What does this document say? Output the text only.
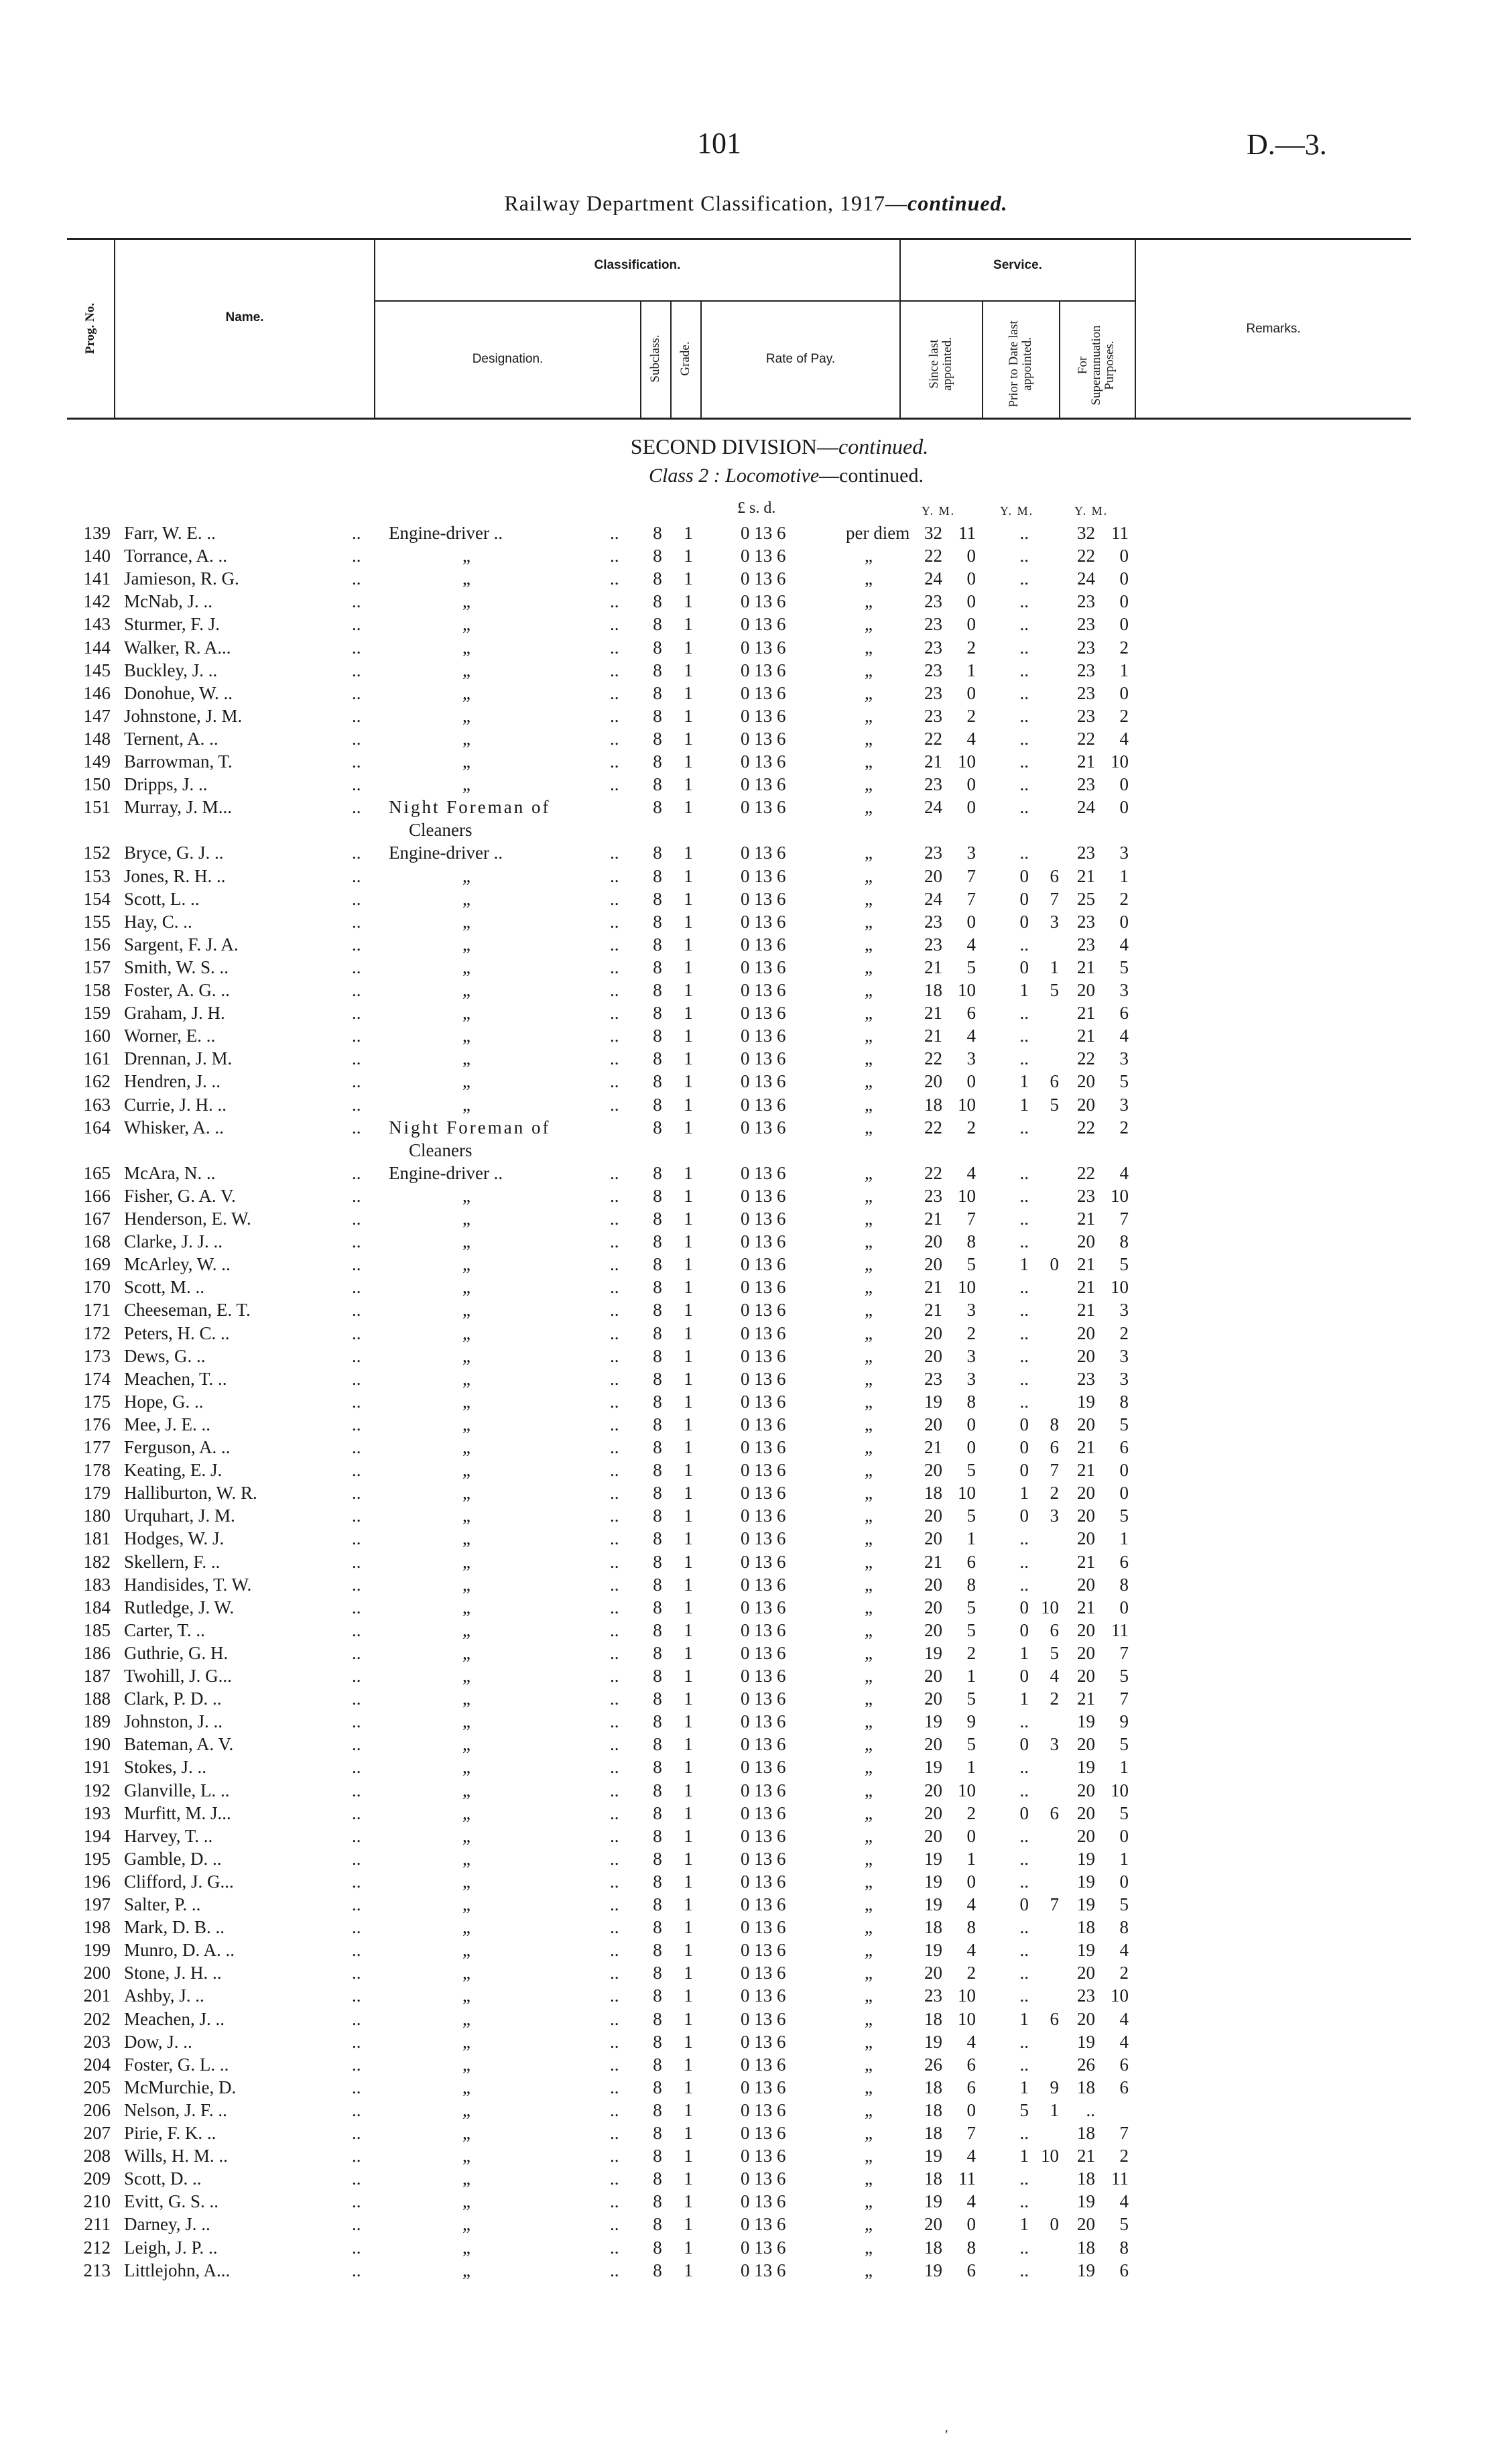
101	D.—3.
Railway Department Classification, 1917—continued.
Prog. No.	Name.
Classification.	Service.
Designation.	Subclass. Grade.	Rate of Pay.	Since last appointed.	Prior to Date last appointed.	For Superannuation Purposes.
Remarks.
SECOND DIVISION—continued.
Class 2 : Locomotive—continued.
£ s. d.	Y. M.	Y. M.	Y. M.
139 Farr, W. E. ..	.. Engine-driver ..	.. 8 1	0 13 6	per diem 32 11	..	32 11
140 Torrance, A. ..	..	„	.. 8 1	0 13 6	„	22	0	..	22	0
141 Jamieson, R. G.	..	„	.. 8 1	0 13 6	„	24	0	..	24	0
142 McNab, J. ..	..	„	.. 8 1	0 13 6	„	23	0	..	23	0
143 Sturmer, F. J.	..	„	.. 8 1	0 13 6	„	23	0	..	23	0
144 Walker, R. A...	..	„	.. 8 1	0 13 6	„	23	2	..	23	2
145 Buckley, J. ..	..	„	.. 8 1	0 13 6	„	23	1	..	23	1
146 Donohue, W. ..	..	„	.. 8 1	0 13 6	„	23	0	..	23	0
147 Johnstone, J. M.	..	„	.. 8 1	0 13 6	„	23	2	..	23	2
148 Ternent, A. ..	..	„	.. 8 1	0 13 6	„	22	4	..	22	4
149 Barrowman, T.	..	„	.. 8 1	0 13 6	„	21 10	..	21 10
150 Dripps, J. ..	..	„	.. 8 1	0 13 6	„	23	0	..	23	0
151 Murray, J. M...	.. Night Foreman of	8 1	0 13 6	„	24	0	..	24	0
Cleaners
152 Bryce, G. J. ..	.. Engine-driver ..	.. 8 1	0 13 6	„	23	3	..	23	3
153 Jones, R. H. ..	..	„	.. 8 1	0 13 6	„	20	7	0	6	21	1
154 Scott, L. ..	..	„	.. 8 1	0 13 6	„	24	7	0	7	25	2
155 Hay, C. ..	..	„	.. 8 1	0 13 6	„	23	0	0	3	23	0
156 Sargent, F. J. A.	..	„	.. 8 1	0 13 6	„	23	4	..	23	4
157 Smith, W. S. ..	..	„	.. 8 1	0 13 6	„	21	5	0	1	21	5
158 Foster, A. G. ..	..	„	.. 8 1	0 13 6	„	18 10	1	5	20	3
159 Graham, J. H.	..	„	.. 8 1	0 13 6	„	21	6	..	21	6
160 Worner, E. ..	..	„	.. 8 1	0 13 6	„	21	4	..	21	4
161 Drennan, J. M.	..	„	.. 8 1	0 13 6	„	22	3	..	22	3
162 Hendren, J. ..	..	„	.. 8 1	0 13 6	„	20	0	1	6	20	5
163 Currie, J. H. ..	..	„	.. 8 1	0 13 6	„	18 10	1	5	20	3
164 Whisker, A. ..	.. Night Foreman of	8 1	0 13 6	„	22	2	..	22	2
Cleaners
165 McAra, N. ..	.. Engine-driver ..	.. 8 1	0 13 6	„	22	4	..	22	4
166 Fisher, G. A. V.	..	„	.. 8 1	0 13 6	„	23 10	..	23 10
167 Henderson, E. W.	..	„	.. 8 1	0 13 6	„	21	7	..	21	7
168 Clarke, J. J. ..	..	„	.. 8 1	0 13 6	„	20	8	..	20	8
169 McArley, W. ..	..	„	.. 8 1	0 13 6	„	20	5	1	0	21	5
170 Scott, M. ..	..	„	.. 8 1	0 13 6	„	21 10	..	21 10
171 Cheeseman, E. T.	..	„	.. 8 1	0 13 6	„	21	3	..	21	3
172 Peters, H. C. ..	..	„	.. 8 1	0 13 6	„	20	2	..	20	2
173 Dews, G. ..	..	„	.. 8 1	0 13 6	„	20	3	..	20	3
174 Meachen, T. ..	..	„	.. 8 1	0 13 6	„	23	3	..	23	3
175 Hope, G. ..	..	„	.. 8 1	0 13 6	„	19	8	..	19	8
176 Mee, J. E. ..	..	„	.. 8 1	0 13 6	„	20	0	0	8	20	5
177 Ferguson, A. ..	..	„	.. 8 1	0 13 6	„	21	0	0	6	21	6
178 Keating, E. J.	..	„	.. 8 1	0 13 6	„	20	5	0	7	21	0
179 Halliburton, W. R.	..	„	.. 8 1	0 13 6	„	18 10	1	2	20	0
180 Urquhart, J. M.	..	„	.. 8 1	0 13 6	„	20	5	0	3	20	5
181 Hodges, W. J.	..	„	.. 8 1	0 13 6	„	20	1	..	20	1
182 Skellern, F. ..	..	„	.. 8 1	0 13 6	„	21	6	..	21	6
183 Handisides, T. W.	..	„	.. 8 1	0 13 6	„	20	8	..	20	8
184 Rutledge, J. W.	..	„	.. 8 1	0 13 6	„	20	5	0 10	21	0
185 Carter, T. ..	..	„	.. 8 1	0 13 6	„	20	5	0	6	20 11
186 Guthrie, G. H.	..	„	.. 8 1	0 13 6	„	19	2	1	5	20	7
187 Twohill, J. G...	..	„	.. 8 1	0 13 6	„	20	1	0	4	20	5
188 Clark, P. D. ..	..	„	.. 8 1	0 13 6	„	20	5	1	2	21	7
189 Johnston, J. ..	..	„	.. 8 1	0 13 6	„	19	9	..	19	9
190 Bateman, A. V.	..	„	.. 8 1	0 13 6	„	20	5	0	3	20	5
191 Stokes, J. ..	..	„	.. 8 1	0 13 6	„	19	1	..	19	1
192 Glanville, L. ..	..	„	.. 8 1	0 13 6	„	20 10	..	20 10
193 Murfitt, M. J...	..	„	.. 8 1	0 13 6	„	20	2	0	6	20	5
194 Harvey, T. ..	..	„	.. 8 1	0 13 6	„	20	0	..	20	0
195 Gamble, D. ..	..	„	.. 8 1	0 13 6	„	19	1	..	19	1
196 Clifford, J. G...	..	„	.. 8 1	0 13 6	„	19	0	..	19	0
197 Salter, P. ..	..	„	.. 8 1	0 13 6	„	19	4	0	7	19	5
198 Mark, D. B. ..	..	„	.. 8 1	0 13 6	„	18	8	..	18	8
199 Munro, D. A. ..	..	„	.. 8 1	0 13 6	„	19	4	..	19	4
200 Stone, J. H. ..	..	„	.. 8 1	0 13 6	„	20	2	..	20	2
201 Ashby, J. ..	..	„	.. 8 1	0 13 6	„	23 10	..	23 10
202 Meachen, J. ..	..	„	.. 8 1	0 13 6	„	18 10	1	6	20	4
203 Dow, J. ..	..	„	.. 8 1	0 13 6	„	19	4	..	19	4
204 Foster, G. L. ..	..	„	.. 8 1	0 13 6	„	26	6	..	26	6
205 McMurchie, D.	..	„	.. 8 1	0 13 6	„	18	6	1	9	18	6
206 Nelson, J. F. ..	..	„	.. 8 1	0 13 6	„	18	0	5	1	..
207 Pirie, F. K. ..	..	„	.. 8 1	0 13 6	„	18	7	..	18	7
208 Wills, H. M. ..	..	„	.. 8 1	0 13 6	„	19	4	1 10	21	2
209 Scott, D. ..	..	„	.. 8 1	0 13 6	„	18 11	..	18 11
210 Evitt, G. S. ..	..	„	.. 8 1	0 13 6	„	19	4	..	19	4
211 Darney, J. ..	..	„	.. 8 1	0 13 6	„	20	0	1	0	20	5
212 Leigh, J. P. ..	..	„	.. 8 1	0 13 6	„	18	8	..	18	8
213 Littlejohn, A...	..	„	.. 8 1	0 13 6	„	19	6	..	19	6
ʹ
